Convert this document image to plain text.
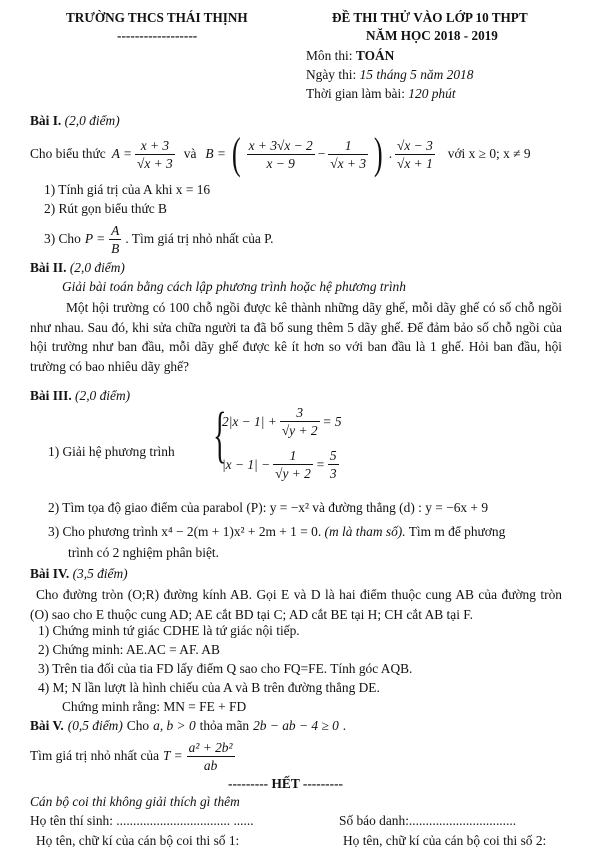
TRƯỜNG THCS THÁI THỊNH
------------------
ĐỀ THI THỬ VÀO LỚP 10 THPT
NĂM HỌC 2018 - 2019
Môn thi: TOÁN
Ngày thi: 15 tháng 5 năm 2018
Thời gian làm bài: 120 phút
Bài I. (2,0 điểm)
Cho biểu thức $A = \frac{x + 3}{√x + 3}$ và B = ( $\frac{x + 3√x - 2}{x - 9} - \frac{1}{√x + 3}$ ) . $\frac{√x - 3}{√x + 1}$ với x ≥ 0; x ≠ 9
1) Tính giá trị của A khi x = 16
2) Rút gọn biểu thức B
3) Cho $P = \frac{A}{B}$ . Tìm giá trị nhỏ nhất của P.
Bài II. (2,0 điểm)
Giải bài toán bằng cách lập phương trình hoặc hệ phương trình
Một hội trường có 100 chỗ ngồi được kê thành những dãy ghế, mỗi dãy ghế có số chỗ ngồi như nhau. Sau đó, khi sửa chữa người ta đã bổ sung thêm 5 dãy ghế. Để đảm bảo số chỗ ngồi của hội trường như ban đầu, mỗi dãy ghế được kê ít hơn so với ban đầu là 1 ghế. Hỏi ban đầu, hội trường có bao nhiêu dãy ghế?
Bài III. (2,0 điểm)
1) Giải hệ phương trình {
$2|x - 1| + \frac{3}{√y + 2} = 5$
$|x - 1| - \frac{1}{√y + 2} = \frac{5}{3}$
2) Tìm tọa độ giao điểm của parabol (P): y = −x² và đường thẳng (d) : y = −6x + 9
3) Cho phương trình x⁴ − 2(m + 1)x² + 2m + 1 = 0. (m là tham số). Tìm m để phương
trình có 2 nghiệm phân biệt.
Bài IV. (3,5 điểm)
Cho đường tròn (O;R) đường kính AB. Gọi E và D là hai điểm thuộc cung AB của đường tròn (O) sao cho E thuộc cung AD; AE cắt BD tại C; AD cắt BE tại H; CH cắt AB tại F.
1) Chứng minh tứ giác CDHE là tứ giác nội tiếp.
2) Chứng minh: AE.AC = AF. AB
3) Trên tia đối của tia FD lấy điểm Q sao cho FQ=FE. Tính góc AQB.
4) M; N lần lượt là hình chiếu của A và B trên đường thẳng DE.
Chứng minh rằng: MN = FE + FD
Bài V. (0,5 điểm) Cho a, b > 0 thỏa mãn 2b − ab − 4 ≥ 0 .
Tìm giá trị nhỏ nhất của $T = \frac{\text{a² + 2b²}}{ab}$
--------- HẾT ---------
Cán bộ coi thi không giải thích gì thêm
Họ tên thí sinh: .................................. ......	Số báo danh:................................
Họ tên, chữ kí của cán bộ coi thi số 1:	Họ tên, chữ kí của cán bộ coi thi số 2:
